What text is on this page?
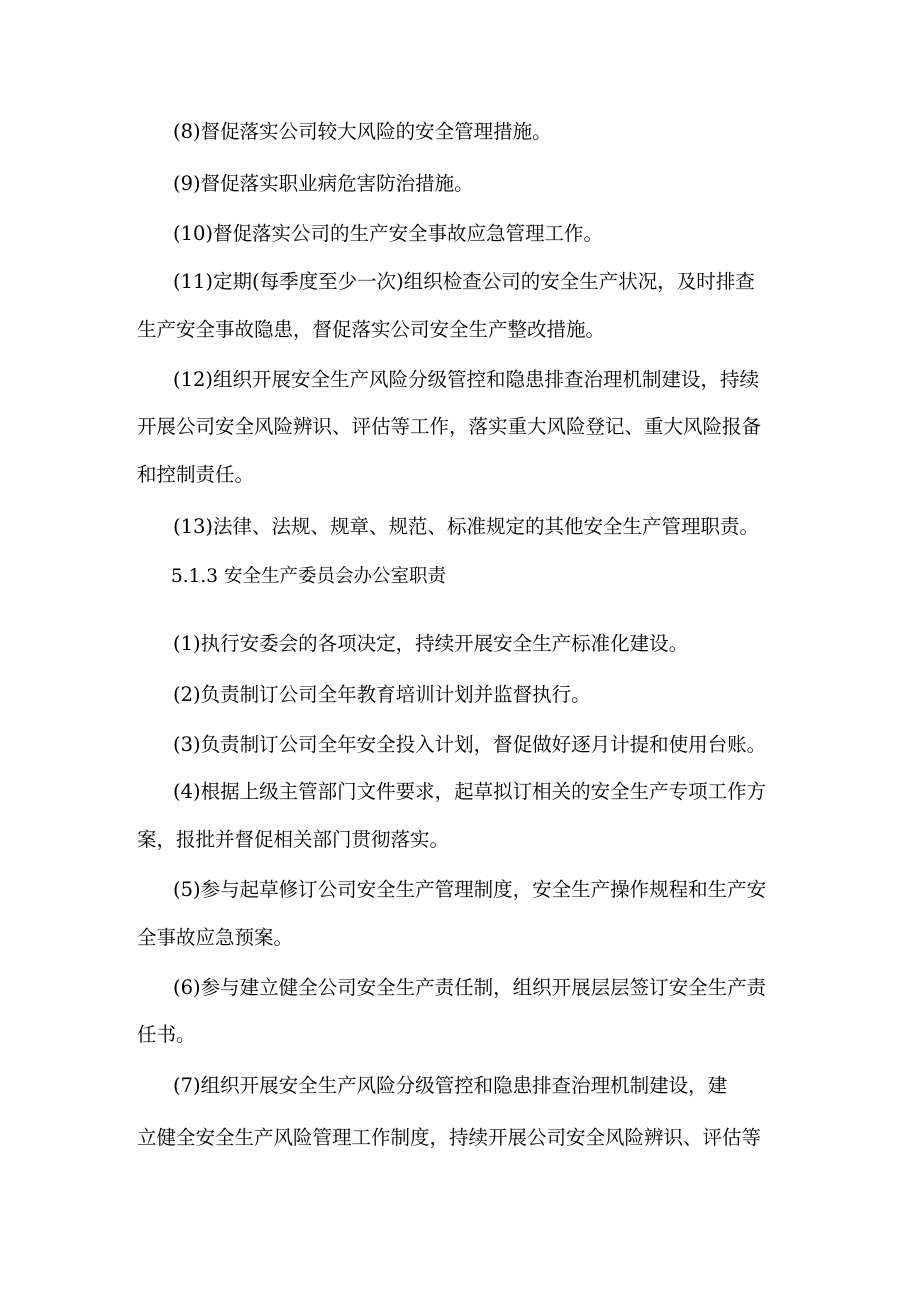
(8)督促落实公司较大风险的安全管理措施。

(9)督促落实职业病危害防治措施。

(10)督促落实公司的生产安全事故应急管理工作。

(11)定期(每季度至少一次)组织检查公司的安全生产状况，及时排查

生产安全事故隐患，督促落实公司安全生产整改措施。

(12)组织开展安全生产风险分级管控和隐患排查治理机制建设，持续

开展公司安全风险辨识、评估等工作，落实重大风险登记、重大风险报备

和控制责任。

(13)法律、法规、规章、规范、标准规定的其他安全生产管理职责。

5.1.3 安全生产委员会办公室职责

(1)执行安委会的各项决定，持续开展安全生产标准化建设。

(2)负责制订公司全年教育培训计划并监督执行。

(3)负责制订公司全年安全投入计划，督促做好逐月计提和使用台账。

(4)根据上级主管部门文件要求，起草拟订相关的安全生产专项工作方

案，报批并督促相关部门贯彻落实。

(5)参与起草修订公司安全生产管理制度，安全生产操作规程和生产安

全事故应急预案。

(6)参与建立健全公司安全生产责任制，组织开展层层签订安全生产责

任书。

(7)组织开展安全生产风险分级管控和隐患排查治理机制建设，建

立健全安全生产风险管理工作制度，持续开展公司安全风险辨识、评估等
